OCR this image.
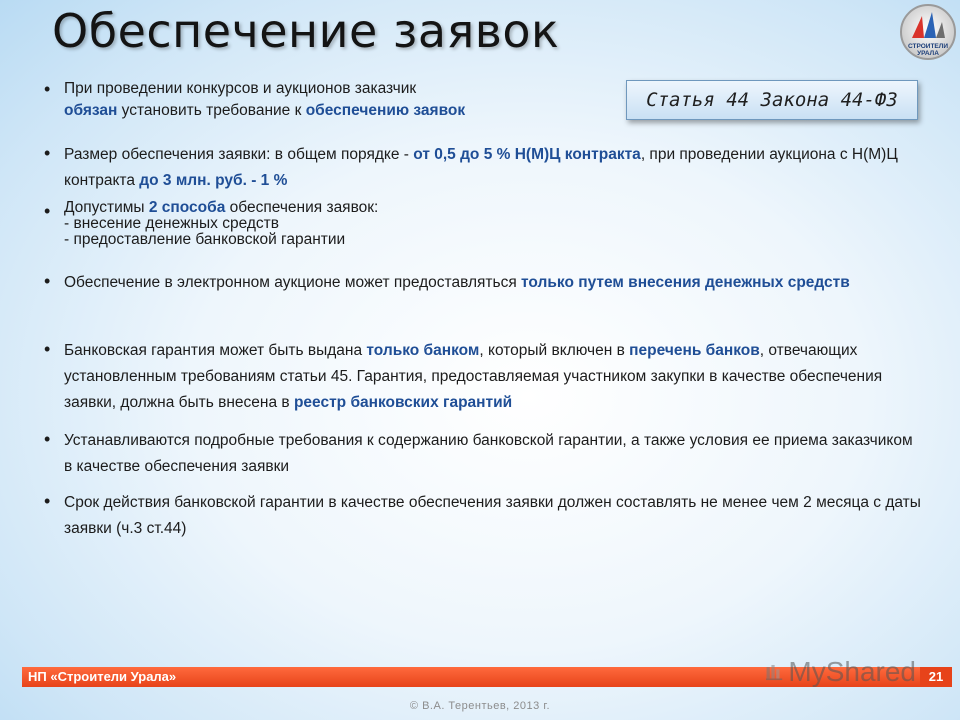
Обеспечение заявок	СТРОИТЕЛИ
УРАЛА
Статья 44 Закона 44-ФЗ
• При проведении конкурсов и аукционов заказчик
обязан установить требование к обеспечению заявок
• Размер обеспечения заявки: в общем порядке - от 0,5 до 5 % Н(М)Ц контракта, при проведении аукциона с Н(М)Ц контракта до 3 млн. руб. - 1 %
• Допустимы 2 способа обеспечения заявок:
- внесение денежных средств
- предоставление банковской гарантии
• Обеспечение в электронном аукционе может предоставляться только путем внесения денежных средств
• Банковская гарантия может быть выдана только банком, который включен в перечень банков, отвечающих установленным требованиям статьи 45. Гарантия, предоставляемая участником закупки в качестве обеспечения заявки, должна быть внесена в реестр банковских гарантий
• Устанавливаются подробные требования к содержанию банковской гарантии, а также условия ее приема заказчиком в качестве обеспечения заявки
• Срок действия банковской гарантии в качестве обеспечения заявки должен составлять не менее чем 2 месяца с даты заявки (ч.3 ст.44)
НП «Строители Урала»	MyShared 21
© В.А. Терентьев, 2013 г.
